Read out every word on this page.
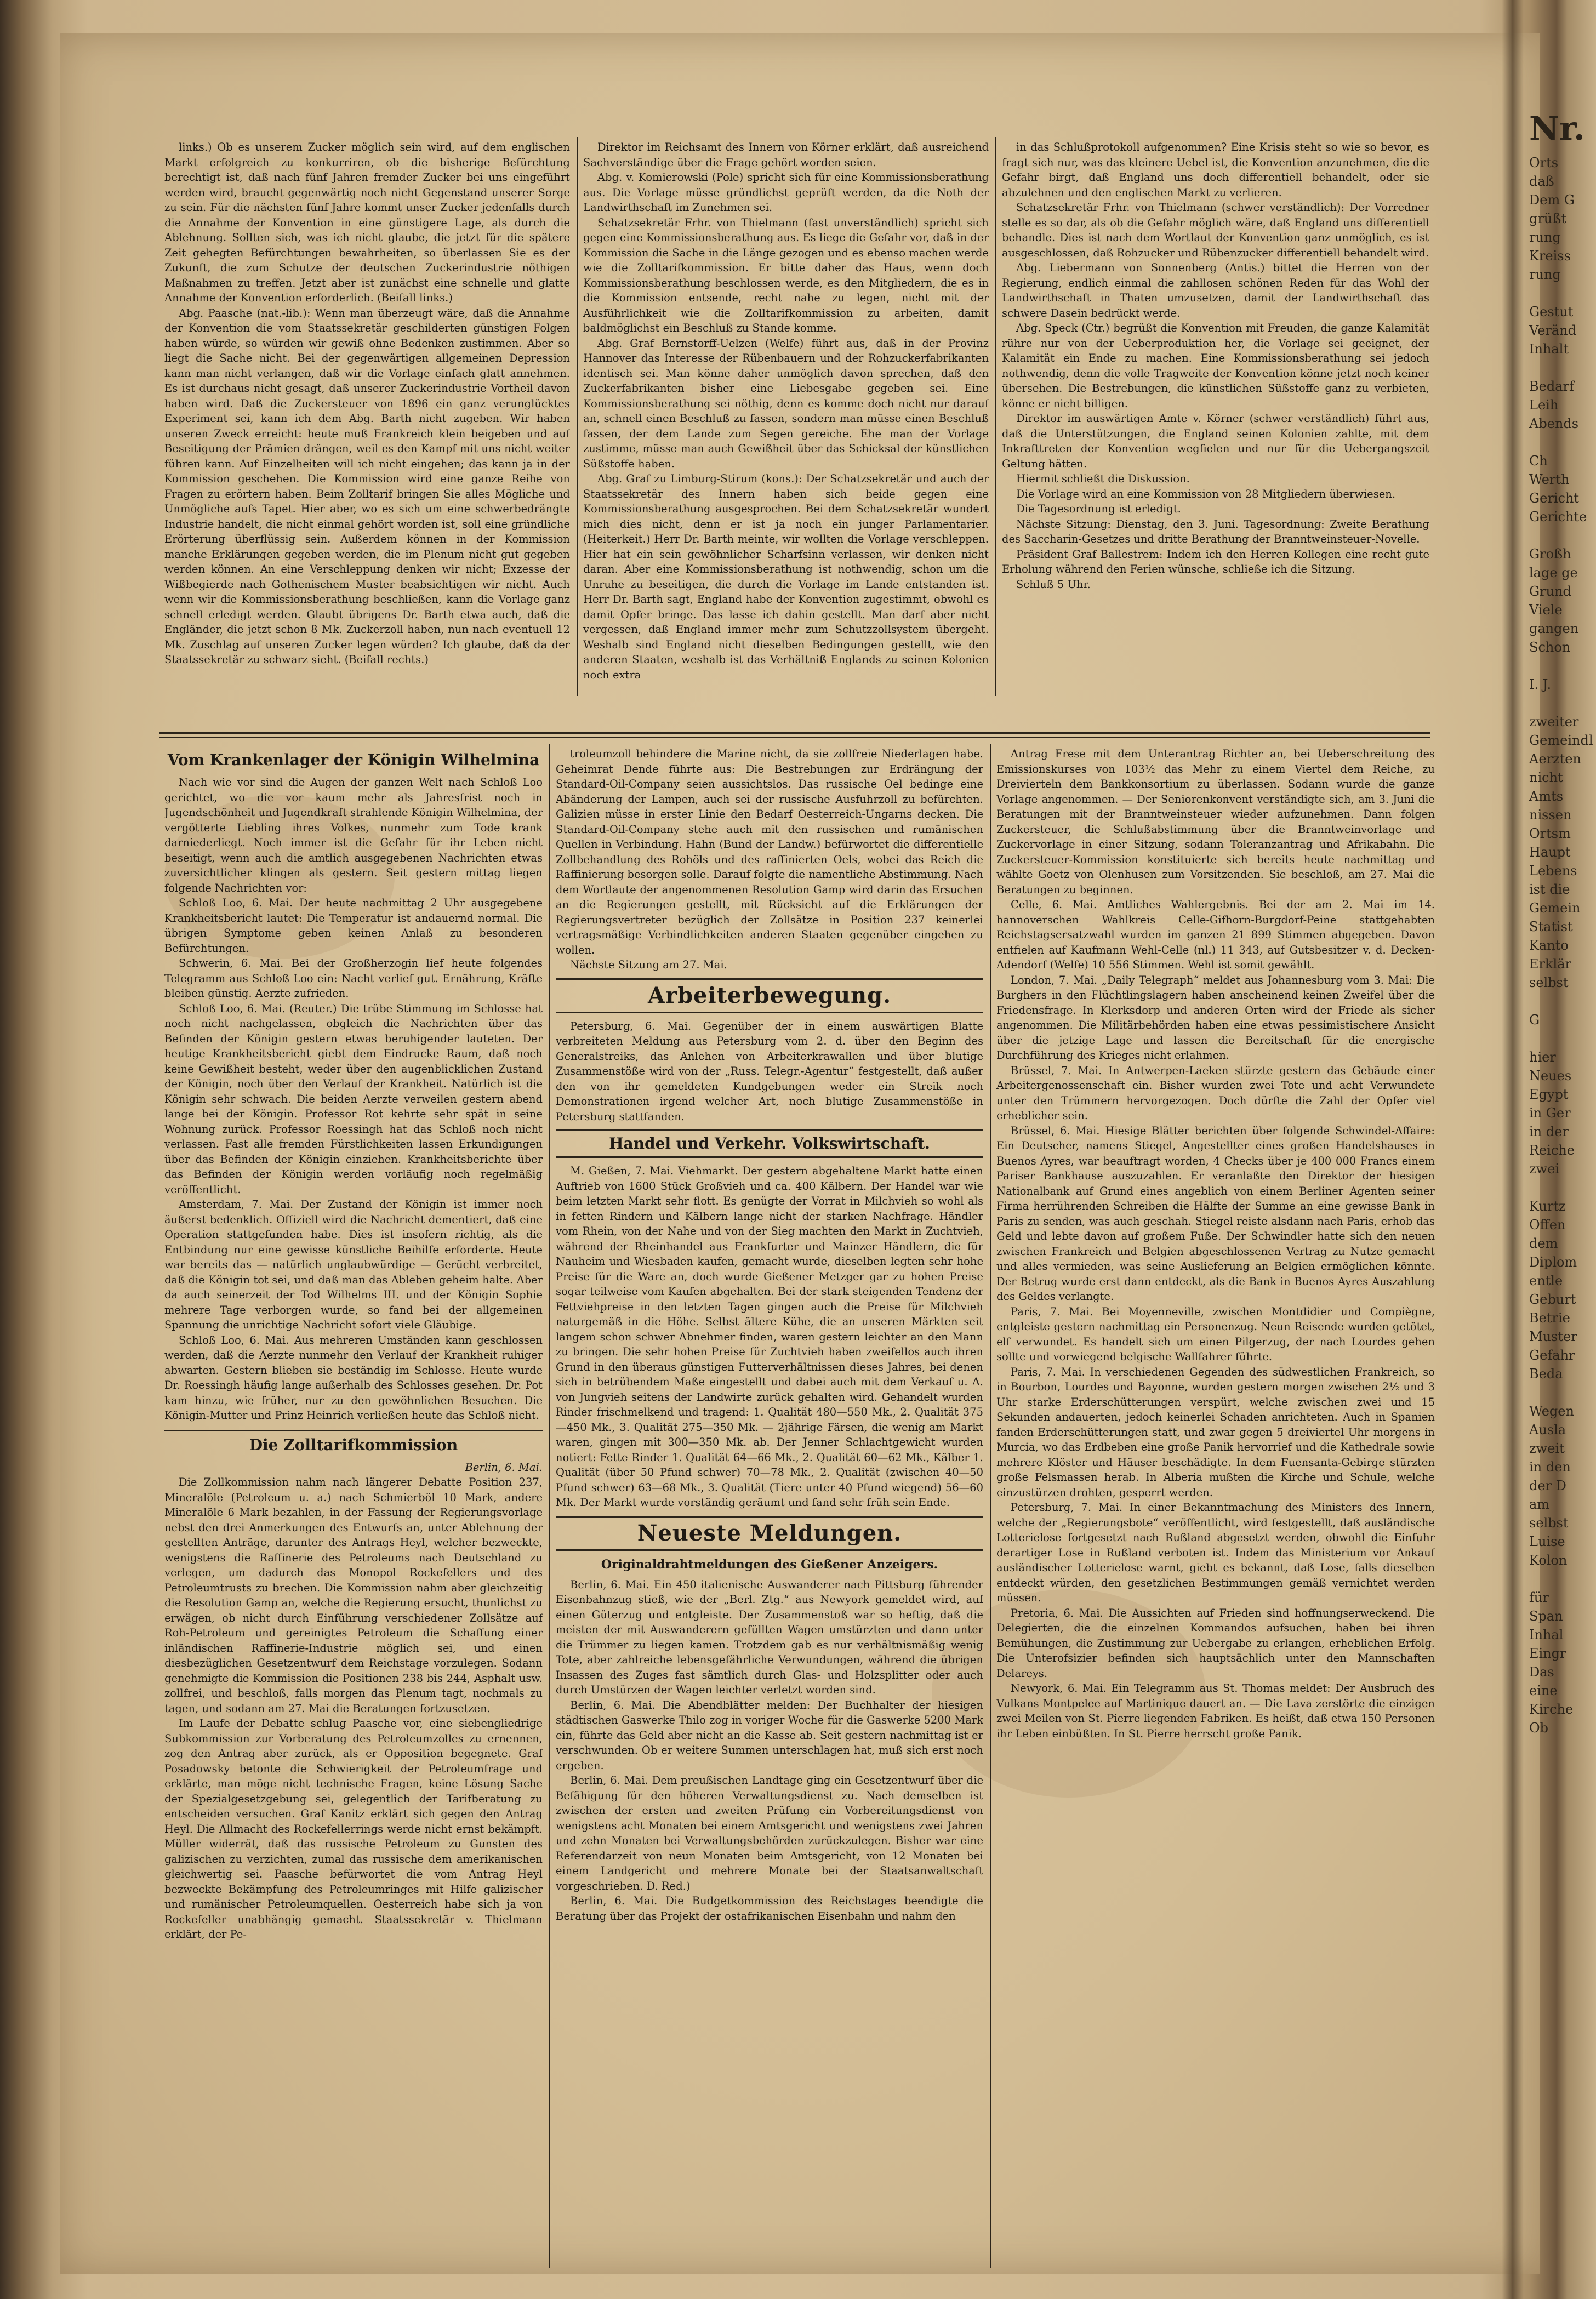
links.) Ob es unserem Zucker möglich sein wird, auf dem englischen Markt erfolgreich zu konkurriren, ob die bisherige Befürchtung berechtigt ist, daß nach fünf Jahren fremder Zucker bei uns eingeführt werden wird, braucht gegenwärtig noch nicht Gegenstand unserer Sorge zu sein. Für die nächsten fünf Jahre kommt unser Zucker jedenfalls durch die Annahme der Konvention in eine günstigere Lage, als durch die Ablehnung. Sollten sich, was ich nicht glaube, die jetzt für die spätere Zeit gehegten Befürchtungen bewahrheiten, so überlassen Sie es der Zukunft, die zum Schutze der deutschen Zuckerindustrie nöthigen Maßnahmen zu treffen. Jetzt aber ist zunächst eine schnelle und glatte Annahme der Konvention erforderlich. (Beifall links.)

Abg. Paasche (nat.-lib.): Wenn man überzeugt wäre, daß die Annahme der Konvention die vom Staatssekretär geschilderten günstigen Folgen haben würde, so würden wir gewiß ohne Bedenken zustimmen. Aber so liegt die Sache nicht. Bei der gegenwärtigen allgemeinen Depression kann man nicht verlangen, daß wir die Vorlage einfach glatt annehmen. Es ist durchaus nicht gesagt, daß unserer Zuckerindustrie Vortheil davon haben wird. Daß die Zuckersteuer von 1896 ein ganz verunglücktes Experiment sei, kann ich dem Abg. Barth nicht zugeben. Wir haben unseren Zweck erreicht: heute muß Frankreich klein beigeben und auf Beseitigung der Prämien drängen, weil es den Kampf mit uns nicht weiter führen kann. Auf Einzelheiten will ich nicht eingehen; das kann ja in der Kommission geschehen. Die Kommission wird eine ganze Reihe von Fragen zu erörtern haben. Beim Zolltarif bringen Sie alles Mögliche und Unmögliche aufs Tapet. Hier aber, wo es sich um eine schwerbedrängte Industrie handelt, die nicht einmal gehört worden ist, soll eine gründliche Erörterung überflüssig sein. Außerdem können in der Kommission manche Erklärungen gegeben werden, die im Plenum nicht gut gegeben werden können. An eine Verschleppung denken wir nicht; Exzesse der Wißbegierde nach Gothenischem Muster beabsichtigen wir nicht. Auch wenn wir die Kommissionsberathung beschließen, kann die Vorlage ganz schnell erledigt werden. Glaubt übrigens Dr. Barth etwa auch, daß die Engländer, die jetzt schon 8 Mk. Zuckerzoll haben, nun nach eventuell 12 Mk. Zuschlag auf unseren Zucker legen würden? Ich glaube, daß da der Staatssekretär zu schwarz sieht. (Beifall rechts.)

Direktor im Reichsamt des Innern von Körner erklärt, daß ausreichend Sachverständige über die Frage gehört worden seien.

Abg. v. Komierowski (Pole) spricht sich für eine Kommissionsberathung aus. Die Vorlage müsse gründlichst geprüft werden, da die Noth der Landwirthschaft im Zunehmen sei.

Schatzsekretär Frhr. von Thielmann (fast unverständlich) spricht sich gegen eine Kommissionsberathung aus. Es liege die Gefahr vor, daß in der Kommission die Sache in die Länge gezogen und es ebenso machen werde wie die Zolltarifkommission. Er bitte daher das Haus, wenn doch Kommissionsberathung beschlossen werde, es den Mitgliedern, die es in die Kommission entsende, recht nahe zu legen, nicht mit der Ausführlichkeit wie die Zolltarifkommission zu arbeiten, damit baldmöglichst ein Beschluß zu Stande komme.

Abg. Graf Bernstorff-Uelzen (Welfe) führt aus, daß in der Provinz Hannover das Interesse der Rübenbauern und der Rohzuckerfabrikanten identisch sei. Man könne daher unmöglich davon sprechen, daß den Zuckerfabrikanten bisher eine Liebesgabe gegeben sei. Eine Kommissionsberathung sei nöthig, denn es komme doch nicht nur darauf an, schnell einen Beschluß zu fassen, sondern man müsse einen Beschluß fassen, der dem Lande zum Segen gereiche. Ehe man der Vorlage zustimme, müsse man auch Gewißheit über das Schicksal der künstlichen Süßstoffe haben.

Abg. Graf zu Limburg-Stirum (kons.): Der Schatzsekretär und auch der Staatssekretär des Innern haben sich beide gegen eine Kommissionsberathung ausgesprochen. Bei dem Schatzsekretär wundert mich dies nicht, denn er ist ja noch ein junger Parlamentarier. (Heiterkeit.) Herr Dr. Barth meinte, wir wollten die Vorlage verschleppen. Hier hat ein sein gewöhnlicher Scharfsinn verlassen, wir denken nicht daran. Aber eine Kommissionsberathung ist nothwendig, schon um die Unruhe zu beseitigen, die durch die Vorlage im Lande entstanden ist. Herr Dr. Barth sagt, England habe der Konvention zugestimmt, obwohl es damit Opfer bringe. Das lasse ich dahin gestellt. Man darf aber nicht vergessen, daß England immer mehr zum Schutzzollsystem übergeht. Weshalb sind England nicht dieselben Bedingungen gestellt, wie den anderen Staaten, weshalb ist das Verhältniß Englands zu seinen Kolonien noch extra

in das Schlußprotokoll aufgenommen? Eine Krisis steht so wie so bevor, es fragt sich nur, was das kleinere Uebel ist, die Konvention anzunehmen, die die Gefahr birgt, daß England uns doch differentiell behandelt, oder sie abzulehnen und den englischen Markt zu verlieren.

Schatzsekretär Frhr. von Thielmann (schwer verständlich): Der Vorredner stelle es so dar, als ob die Gefahr möglich wäre, daß England uns differentiell behandle. Dies ist nach dem Wortlaut der Konvention ganz unmöglich, es ist ausgeschlossen, daß Rohzucker und Rübenzucker differentiell behandelt wird.

Abg. Liebermann von Sonnenberg (Antis.) bittet die Herren von der Regierung, endlich einmal die zahllosen schönen Reden für das Wohl der Landwirthschaft in Thaten umzusetzen, damit der Landwirthschaft das schwere Dasein bedrückt werde.

Abg. Speck (Ctr.) begrüßt die Konvention mit Freuden, die ganze Kalamität rühre nur von der Ueberproduktion her, die Vorlage sei geeignet, der Kalamität ein Ende zu machen. Eine Kommissionsberathung sei jedoch nothwendig, denn die volle Tragweite der Konvention könne jetzt noch keiner übersehen. Die Bestrebungen, die künstlichen Süßstoffe ganz zu verbieten, könne er nicht billigen.

Direktor im auswärtigen Amte v. Körner (schwer verständlich) führt aus, daß die Unterstützungen, die England seinen Kolonien zahlte, mit dem Inkrafttreten der Konvention wegfielen und nur für die Uebergangszeit Geltung hätten.

Hiermit schließt die Diskussion.

Die Vorlage wird an eine Kommission von 28 Mitgliedern überwiesen.

Die Tagesordnung ist erledigt.

Nächste Sitzung: Dienstag, den 3. Juni. Tagesordnung: Zweite Berathung des Saccharin-Gesetzes und dritte Berathung der Branntweinsteuer-Novelle.

Präsident Graf Ballestrem: Indem ich den Herren Kollegen eine recht gute Erholung während den Ferien wünsche, schließe ich die Sitzung.

Schluß 5 Uhr.

Vom Krankenlager der Königin Wilhelmina

Nach wie vor sind die Augen der ganzen Welt nach Schloß Loo gerichtet, wo die vor kaum mehr als Jahresfrist noch in Jugendschönheit und Jugendkraft strahlende Königin Wilhelmina, der vergötterte Liebling ihres Volkes, nunmehr zum Tode krank darniederliegt. Noch immer ist die Gefahr für ihr Leben nicht beseitigt, wenn auch die amtlich ausgegebenen Nachrichten etwas zuversichtlicher klingen als gestern. Seit gestern mittag liegen folgende Nachrichten vor:

Schloß Loo, 6. Mai. Der heute nachmittag 2 Uhr ausgegebene Krankheitsbericht lautet: Die Temperatur ist andauernd normal. Die übrigen Symptome geben keinen Anlaß zu besonderen Befürchtungen.

Schwerin, 6. Mai. Bei der Großherzogin lief heute folgendes Telegramm aus Schloß Loo ein: Nacht verlief gut. Ernährung, Kräfte bleiben günstig. Aerzte zufrieden.

Schloß Loo, 6. Mai. (Reuter.) Die trübe Stimmung im Schlosse hat noch nicht nachgelassen, obgleich die Nachrichten über das Befinden der Königin gestern etwas beruhigender lauteten. Der heutige Krankheitsbericht giebt dem Eindrucke Raum, daß noch keine Gewißheit besteht, weder über den augenblicklichen Zustand der Königin, noch über den Verlauf der Krankheit. Natürlich ist die Königin sehr schwach. Die beiden Aerzte verweilen gestern abend lange bei der Königin. Professor Rot kehrte sehr spät in seine Wohnung zurück. Professor Roessingh hat das Schloß noch nicht verlassen. Fast alle fremden Fürstlichkeiten lassen Erkundigungen über das Befinden der Königin einziehen. Krankheitsberichte über das Befinden der Königin werden vorläufig noch regelmäßig veröffentlicht.

Amsterdam, 7. Mai. Der Zustand der Königin ist immer noch äußerst bedenklich. Offiziell wird die Nachricht dementiert, daß eine Operation stattgefunden habe. Dies ist insofern richtig, als die Entbindung nur eine gewisse künstliche Beihilfe erforderte. Heute war bereits das — natürlich unglaubwürdige — Gerücht verbreitet, daß die Königin tot sei, und daß man das Ableben geheim halte. Aber da auch seinerzeit der Tod Wilhelms III. und der Königin Sophie mehrere Tage verborgen wurde, so fand bei der allgemeinen Spannung die unrichtige Nachricht sofort viele Gläubige.

Schloß Loo, 6. Mai. Aus mehreren Umständen kann geschlossen werden, daß die Aerzte nunmehr den Verlauf der Krankheit ruhiger abwarten. Gestern blieben sie beständig im Schlosse. Heute wurde Dr. Roessingh häufig lange außerhalb des Schlosses gesehen. Dr. Pot kam hinzu, wie früher, nur zu den gewöhnlichen Besuchen. Die Königin-Mutter und Prinz Heinrich verließen heute das Schloß nicht.

Die Zolltarifkommission

Berlin, 6. Mai.

Die Zollkommission nahm nach längerer Debatte Position 237, Mineralöle (Petroleum u. a.) nach Schmierböl 10 Mark, andere Mineralöle 6 Mark bezahlen, in der Fassung der Regierungsvorlage nebst den drei Anmerkungen des Entwurfs an, unter Ablehnung der gestellten Anträge, darunter des Antrags Heyl, welcher bezweckte, wenigstens die Raffinerie des Petroleums nach Deutschland zu verlegen, um dadurch das Monopol Rockefellers und des Petroleumtrusts zu brechen. Die Kommission nahm aber gleichzeitig die Resolution Gamp an, welche die Regierung ersucht, thunlichst zu erwägen, ob nicht durch Einführung verschiedener Zollsätze auf Roh-Petroleum und gereinigtes Petroleum die Schaffung einer inländischen Raffinerie-Industrie möglich sei, und einen diesbezüglichen Gesetzentwurf dem Reichstage vorzulegen. Sodann genehmigte die Kommission die Positionen 238 bis 244, Asphalt usw. zollfrei, und beschloß, falls morgen das Plenum tagt, nochmals zu tagen, und sodann am 27. Mai die Beratungen fortzusetzen.

Im Laufe der Debatte schlug Paasche vor, eine siebengliedrige Subkommission zur Vorberatung des Petroleumzolles zu ernennen, zog den Antrag aber zurück, als er Opposition begegnete. Graf Posadowsky betonte die Schwierigkeit der Petroleumfrage und erklärte, man möge nicht technische Fragen, keine Lösung Sache der Spezialgesetzgebung sei, gelegentlich der Tarifberatung zu entscheiden versuchen. Graf Kanitz erklärt sich gegen den Antrag Heyl. Die Allmacht des Rockefellerrings werde nicht ernst bekämpft. Müller widerrät, daß das russische Petroleum zu Gunsten des galizischen zu verzichten, zumal das russische dem amerikanischen gleichwertig sei. Paasche befürwortet die vom Antrag Heyl bezweckte Bekämpfung des Petroleumringes mit Hilfe galizischer und rumänischer Petroleumquellen. Oesterreich habe sich ja von Rockefeller unabhängig gemacht. Staatssekretär v. Thielmann erklärt, der Pe-

troleumzoll behindere die Marine nicht, da sie zollfreie Niederlagen habe. Geheimrat Dende führte aus: Die Bestrebungen zur Erdrängung der Standard-Oil-Company seien aussichtslos. Das russische Oel bedinge eine Abänderung der Lampen, auch sei der russische Ausfuhrzoll zu befürchten. Galizien müsse in erster Linie den Bedarf Oesterreich-Ungarns decken. Die Standard-Oil-Company stehe auch mit den russischen und rumänischen Quellen in Verbindung. Hahn (Bund der Landw.) befürwortet die differentielle Zollbehandlung des Rohöls und des raffinierten Oels, wobei das Reich die Raffinierung besorgen solle. Darauf folgte die namentliche Abstimmung. Nach dem Wortlaute der angenommenen Resolution Gamp wird darin das Ersuchen an die Regierungen gestellt, mit Rücksicht auf die Erklärungen der Regierungsvertreter bezüglich der Zollsätze in Position 237 keinerlei vertragsmäßige Verbindlichkeiten anderen Staaten gegenüber eingehen zu wollen.

Nächste Sitzung am 27. Mai.

Arbeiterbewegung.

Petersburg, 6. Mai. Gegenüber der in einem auswärtigen Blatte verbreiteten Meldung aus Petersburg vom 2. d. über den Beginn des Generalstreiks, das Anlehen von Arbeiterkrawallen und über blutige Zusammenstöße wird von der „Russ. Telegr.-Agentur“ festgestellt, daß außer den von ihr gemeldeten Kundgebungen weder ein Streik noch Demonstrationen irgend welcher Art, noch blutige Zusammenstöße in Petersburg stattfanden.

Handel und Verkehr. Volkswirtschaft.

M. Gießen, 7. Mai. Viehmarkt. Der gestern abgehaltene Markt hatte einen Auftrieb von 1600 Stück Großvieh und ca. 400 Kälbern. Der Handel war wie beim letzten Markt sehr flott. Es genügte der Vorrat in Milchvieh so wohl als in fetten Rindern und Kälbern lange nicht der starken Nachfrage. Händler vom Rhein, von der Nahe und von der Sieg machten den Markt in Zuchtvieh, während der Rheinhandel aus Frankfurter und Mainzer Händlern, die für Nauheim und Wiesbaden kaufen, gemacht wurde, dieselben legten sehr hohe Preise für die Ware an, doch wurde Gießener Metzger gar zu hohen Preise sogar teilweise vom Kaufen abgehalten. Bei der stark steigenden Tendenz der Fettviehpreise in den letzten Tagen gingen auch die Preise für Milchvieh naturgemäß in die Höhe. Selbst ältere Kühe, die an unseren Märkten seit langem schon schwer Abnehmer finden, waren gestern leichter an den Mann zu bringen. Die sehr hohen Preise für Zuchtvieh haben zweifellos auch ihren Grund in den überaus günstigen Futterverhältnissen dieses Jahres, bei denen sich in betrübendem Maße eingestellt und dabei auch mit dem Verkauf u. A. von Jungvieh seitens der Landwirte zurück gehalten wird. Gehandelt wurden Rinder frischmelkend und tragend: 1. Qualität 480—550 Mk., 2. Qualität 375—450 Mk., 3. Qualität 275—350 Mk. — 2jährige Färsen, die wenig am Markt waren, gingen mit 300—350 Mk. ab. Der Jenner Schlachtgewicht wurden notiert: Fette Rinder 1. Qualität 64—66 Mk., 2. Qualität 60—62 Mk., Kälber 1. Qualität (über 50 Pfund schwer) 70—78 Mk., 2. Qualität (zwischen 40—50 Pfund schwer) 63—68 Mk., 3. Qualität (Tiere unter 40 Pfund wiegend) 56—60 Mk. Der Markt wurde vorständig geräumt und fand sehr früh sein Ende.

Neueste Meldungen.
Originaldrahtmeldungen des Gießener Anzeigers.

Berlin, 6. Mai. Ein 450 italienische Auswanderer nach Pittsburg führender Eisenbahnzug stieß, wie der „Berl. Ztg.“ aus Newyork gemeldet wird, auf einen Güterzug und entgleiste. Der Zusammenstoß war so heftig, daß die meisten der mit Auswanderern gefüllten Wagen umstürzten und dann unter die Trümmer zu liegen kamen. Trotzdem gab es nur verhältnismäßig wenig Tote, aber zahlreiche lebensgefährliche Verwundungen, während die übrigen Insassen des Zuges fast sämtlich durch Glas- und Holzsplitter oder auch durch Umstürzen der Wagen leichter verletzt worden sind.

Berlin, 6. Mai. Die Abendblätter melden: Der Buchhalter der hiesigen städtischen Gaswerke Thilo zog in voriger Woche für die Gaswerke 5200 Mark ein, führte das Geld aber nicht an die Kasse ab. Seit gestern nachmittag ist er verschwunden. Ob er weitere Summen unterschlagen hat, muß sich erst noch ergeben.

Berlin, 6. Mai. Dem preußischen Landtage ging ein Gesetzentwurf über die Befähigung für den höheren Verwaltungsdienst zu. Nach demselben ist zwischen der ersten und zweiten Prüfung ein Vorbereitungsdienst von wenigstens acht Monaten bei einem Amtsgericht und wenigstens zwei Jahren und zehn Monaten bei Verwaltungsbehörden zurückzulegen. Bisher war eine Referendarzeit von neun Monaten beim Amtsgericht, von 12 Monaten bei einem Landgericht und mehrere Monate bei der Staatsanwaltschaft vorgeschrieben. D. Red.)

Berlin, 6. Mai. Die Budgetkommission des Reichstages beendigte die Beratung über das Projekt der ostafrikanischen Eisenbahn und nahm den

Antrag Frese mit dem Unterantrag Richter an, bei Ueberschreitung des Emissionskurses von 103½ das Mehr zu einem Viertel dem Reiche, zu Dreivierteln dem Bankkonsortium zu überlassen. Sodann wurde die ganze Vorlage angenommen. — Der Seniorenkonvent verständigte sich, am 3. Juni die Beratungen mit der Branntweinsteuer wieder aufzunehmen. Dann folgen Zuckersteuer, die Schlußabstimmung über die Branntweinvorlage und Zuckervorlage in einer Sitzung, sodann Toleranzantrag und Afrikabahn. Die Zuckersteuer-Kommission konstituierte sich bereits heute nachmittag und wählte Goetz von Olenhusen zum Vorsitzenden. Sie beschloß, am 27. Mai die Beratungen zu beginnen.

Celle, 6. Mai. Amtliches Wahlergebnis. Bei der am 2. Mai im 14. hannoverschen Wahlkreis Celle-Gifhorn-Burgdorf-Peine stattgehabten Reichstagsersatzwahl wurden im ganzen 21 899 Stimmen abgegeben. Davon entfielen auf Kaufmann Wehl-Celle (nl.) 11 343, auf Gutsbesitzer v. d. Decken-Adendorf (Welfe) 10 556 Stimmen. Wehl ist somit gewählt.

London, 7. Mai. „Daily Telegraph“ meldet aus Johannesburg vom 3. Mai: Die Burghers in den Flüchtlingslagern haben anscheinend keinen Zweifel über die Friedensfrage. In Klerksdorp und anderen Orten wird der Friede als sicher angenommen. Die Militärbehörden haben eine etwas pessimistischere Ansicht über die jetzige Lage und lassen die Bereitschaft für die energische Durchführung des Krieges nicht erlahmen.

Brüssel, 7. Mai. In Antwerpen-Laeken stürzte gestern das Gebäude einer Arbeitergenossenschaft ein. Bisher wurden zwei Tote und acht Verwundete unter den Trümmern hervorgezogen. Doch dürfte die Zahl der Opfer viel erheblicher sein.

Brüssel, 6. Mai. Hiesige Blätter berichten über folgende Schwindel-Affaire: Ein Deutscher, namens Stiegel, Angestellter eines großen Handelshauses in Buenos Ayres, war beauftragt worden, 4 Checks über je 400 000 Francs einem Pariser Bankhause auszuzahlen. Er veranlaßte den Direktor der hiesigen Nationalbank auf Grund eines angeblich von einem Berliner Agenten seiner Firma herrührenden Schreiben die Hälfte der Summe an eine gewisse Bank in Paris zu senden, was auch geschah. Stiegel reiste alsdann nach Paris, erhob das Geld und lebte davon auf großem Fuße. Der Schwindler hatte sich den neuen zwischen Frankreich und Belgien abgeschlossenen Vertrag zu Nutze gemacht und alles vermieden, was seine Auslieferung an Belgien ermöglichen könnte. Der Betrug wurde erst dann entdeckt, als die Bank in Buenos Ayres Auszahlung des Geldes verlangte.

Paris, 7. Mai. Bei Moyenneville, zwischen Montdidier und Compiègne, entgleiste gestern nachmittag ein Personenzug. Neun Reisende wurden getötet, elf verwundet. Es handelt sich um einen Pilgerzug, der nach Lourdes gehen sollte und vorwiegend belgische Wallfahrer führte.

Paris, 7. Mai. In verschiedenen Gegenden des südwestlichen Frankreich, so in Bourbon, Lourdes und Bayonne, wurden gestern morgen zwischen 2½ und 3 Uhr starke Erderschütterungen verspürt, welche zwischen zwei und 15 Sekunden andauerten, jedoch keinerlei Schaden anrichteten. Auch in Spanien fanden Erderschütterungen statt, und zwar gegen 5 dreiviertel Uhr morgens in Murcia, wo das Erdbeben eine große Panik hervorrief und die Kathedrale sowie mehrere Klöster und Häuser beschädigte. In dem Fuensanta-Gebirge stürzten große Felsmassen herab. In Alberia mußten die Kirche und Schule, welche einzustürzen drohten, gesperrt werden.

Petersburg, 7. Mai. In einer Bekanntmachung des Ministers des Innern, welche der „Regierungsbote“ veröffentlicht, wird festgestellt, daß ausländische Lotterielose fortgesetzt nach Rußland abgesetzt werden, obwohl die Einfuhr derartiger Lose in Rußland verboten ist. Indem das Ministerium vor Ankauf ausländischer Lotterielose warnt, giebt es bekannt, daß Lose, falls dieselben entdeckt würden, den gesetzlichen Bestimmungen gemäß vernichtet werden müssen.

Pretoria, 6. Mai. Die Aussichten auf Frieden sind hoffnungserweckend. Die Delegierten, die die einzelnen Kommandos aufsuchen, haben bei ihren Bemühungen, die Zustimmung zur Uebergabe zu erlangen, erheblichen Erfolg. Die Unterofsizier befinden sich hauptsächlich unter den Mannschaften Delareys.

Newyork, 6. Mai. Ein Telegramm aus St. Thomas meldet: Der Ausbruch des Vulkans Montpelee auf Martinique dauert an. — Die Lava zerstörte die einzigen zwei Meilen von St. Pierre liegenden Fabriken. Es heißt, daß etwa 150 Personen ihr Leben einbüßten. In St. Pierre herrscht große Panik.

Nr.
Orts
daß
Dem G
grüßt
rung
Kreiss
rung

Gestut
Veränd
Inhalt

Bedarf
Leih
Abends

Ch
Werth
Gericht
Gerichte

Großh
lage ge
Grund
Viele
gangen
Schon

I. J.

zweiter
Gemeindl
Aerzten
nicht
Amts
nissen
Ortsm
Haupt
Lebens
ist die
Gemein
Statist
Kanto
Erklär
selbst

G

hier
Neues
Egypt
in Ger
in der
Reiche
zwei

Kurtz
Offen
dem
Diplom
entle
Geburt
Betrie
Muster
Gefahr
Beda

Wegen
Ausla
zweit
in den
der D
am
selbst
Luise
Kolon

für
Span
Inhal
Eingr
Das
eine
Kirche
Ob
